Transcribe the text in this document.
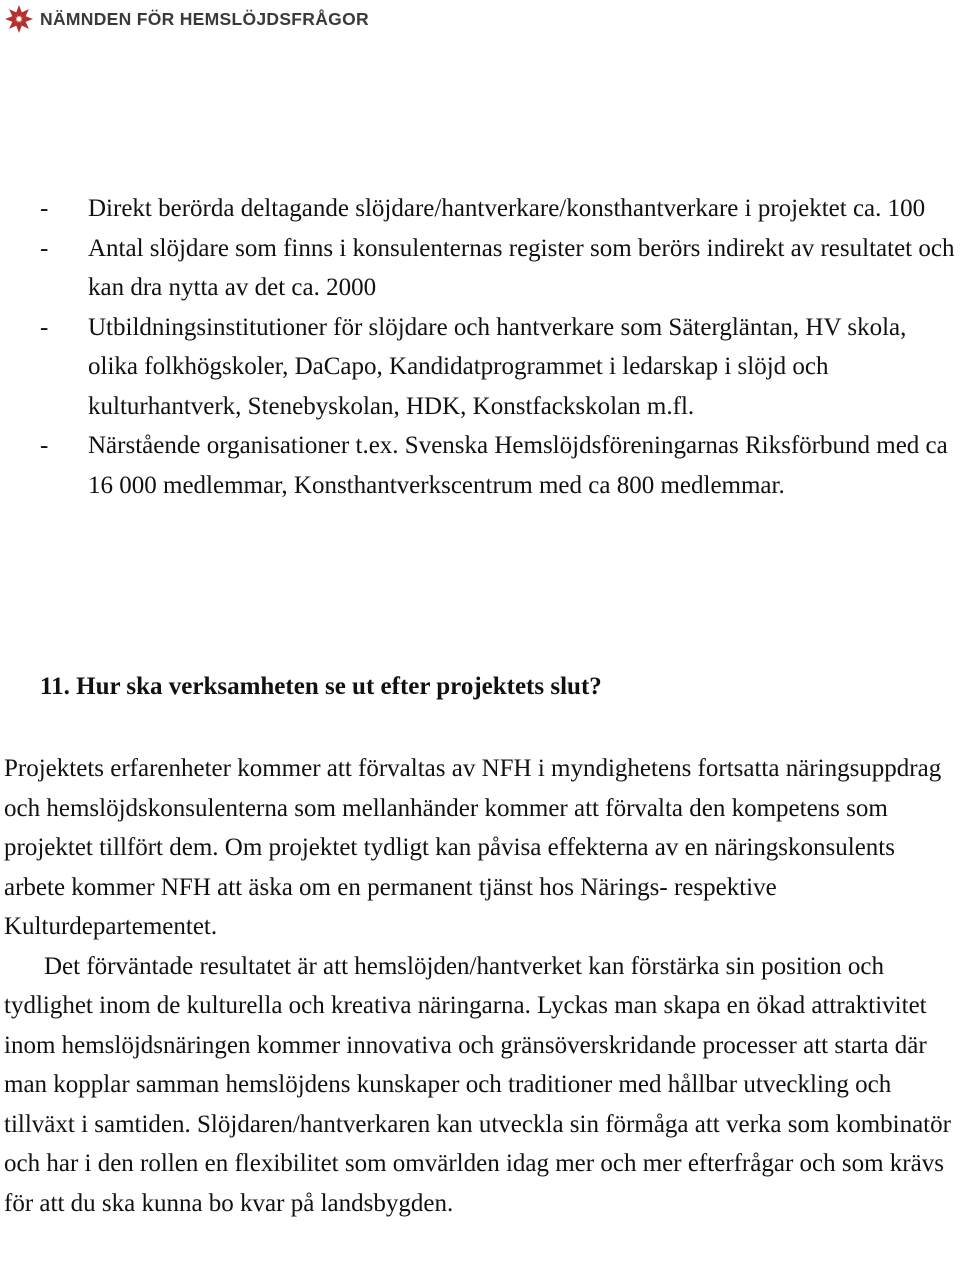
NÄMNDEN FÖR HEMSLÖJDSFRÅGOR
- Direkt berörda deltagande slöjdare/hantverkare/konsthantverkare i projektet ca. 100
- Antal slöjdare som finns i konsulenternas register som berörs indirekt av resultatet och kan dra nytta av det ca. 2000
- Utbildningsinstitutioner för slöjdare och hantverkare som Sätergläntan, HV skola, olika folkhögskoler, DaCapo, Kandidatprogrammet i ledarskap i slöjd och kulturhantverk, Stenebyskolan, HDK, Konstfackskolan m.fl.
- Närstående organisationer t.ex. Svenska Hemslöjdsföreningarnas Riksförbund med ca 16 000 medlemmar, Konsthantverkscentrum med ca 800 medlemmar.
11. Hur ska verksamheten se ut efter projektets slut?

Projektets erfarenheter kommer att förvaltas av NFH i myndighetens fortsatta näringsuppdrag och hemslöjdskonsulenterna som mellanhänder kommer att förvalta den kompetens som projektet tillfört dem. Om projektet tydligt kan påvisa effekterna av en näringskonsulents arbete kommer NFH att äska om en permanent tjänst hos Närings- respektive Kulturdepartementet.

Det förväntade resultatet är att hemslöjden/hantverket kan förstärka sin position och tydlighet inom de kulturella och kreativa näringarna. Lyckas man skapa en ökad attraktivitet inom hemslöjdsnäringen kommer innovativa och gränsöverskridande processer att starta där man kopplar samman hemslöjdens kunskaper och traditioner med hållbar utveckling och tillväxt i samtiden. Slöjdaren/hantverkaren kan utveckla sin förmåga att verka som kombinatör och har i den rollen en flexibilitet som omvärlden idag mer och mer efterfrågar och som krävs för att du ska kunna bo kvar på landsbygden.
